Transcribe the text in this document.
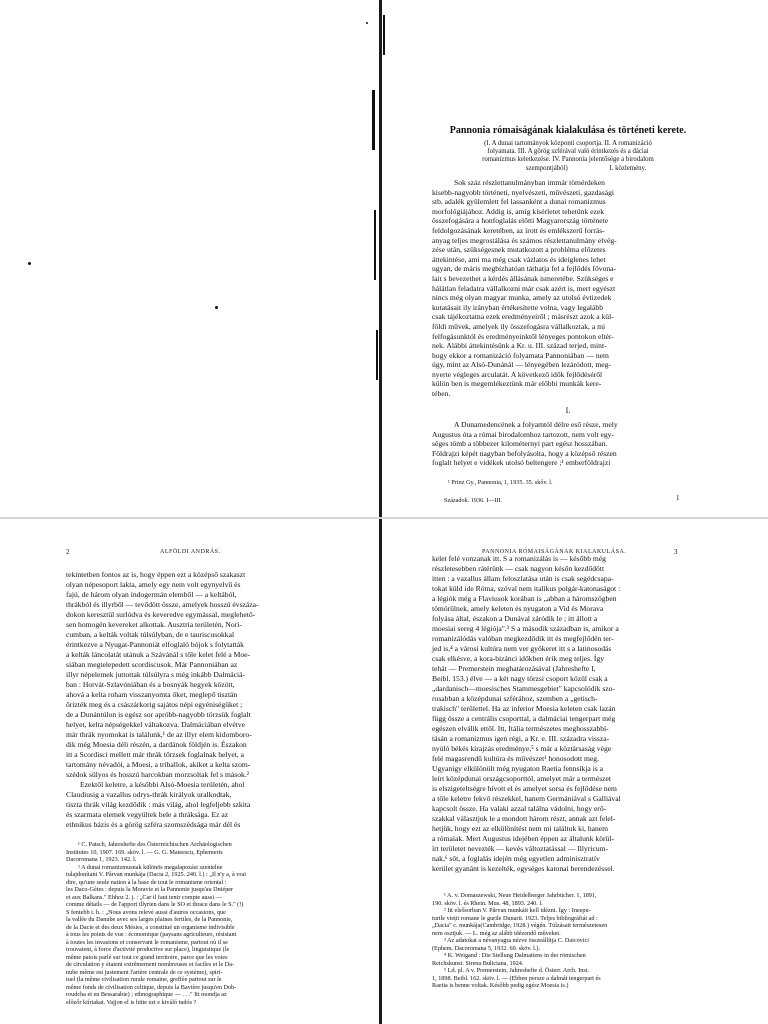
Pannonia rómaiságának kialakulása és történeti kerete.
(I. A dunai tartományok központi csoportja. II. A romanizáció
folyamata. III. A görög szférával való érintkezés és a dáciai
romanizmus keletkezése. IV. Pannonia jelentősége a birodalom
szempontjából)	I. közlemény.
Sok száz részlettanulmányban immár tömérdeken
kisebb-nagyobb történeti, nyelvészeti, művészeti, gazdasági
stb. adalék gyülemlett fel lassanként a dunai romanizmus
morfológiájához. Addig is, amíg kísérletet tehetünk ezek
összefogására a honfoglalás előtti Magyarország története
feldolgozásának keretében, az írott és emlékszerű forrás-
anyag teljes megrostálása és számos részlettanulmány elvég-
zése után, szükségesnek mutatkozott a probléma előzetes
áttekintése, ami ma még csak vázlatos és ideiglenes lehet
ugyan, de máris megbízhatóan tárhatja fel a fejlődés fővona-
lait s bevezethet a kérdés állásának ismeretébe. Szükséges e
hálátlan feladatra vállalkozni már csak azért is, mert egyészt
nincs még olyan magyar munka, amely az utolsó évtizedek
kutatásait ily irányban értékesítette volna, vagy legalább
csak tájékoztatna ezek eredményeiről ; másrészt azok a kül-
földi művek, amelyek ily összefogásra vállalkoztak, a mi
felfogásunktól és eredményeinktől lényeges pontokon eltér-
nek. Alábbi áttekintésünk a Kr. u. III. század terjed, mint-
hogy ekkor a romanizáció folyamata Pannoniában — nem
úgy, mint az Alsó-Dunánál — lényegében lezáródott, meg-
nyerte végleges arculatát. A következő idők fejlődéséről
külön ben is megemlékeztünk már előbbi munkák kere-
tében.
I.
A Dunamedencének a folyamtól délre eső része, mely
Augustus óta a római birodalomhoz tartozott, nem volt egy-
séges tömb a többezer kilométernyi part egész hosszában.
Földrajzi képét nagyban befolyásolta, hogy a középső részen
foglalt helyet e vidékek utolsó beltengere ;¹ emberföldrajzi
¹ Prinz Gy., Pannonia, 1, 1935. 35. skőv. l.
Századok. 1936. I—III.	1
2	ALFÖLDI ANDRÁS.
tekintetben fontos az is, hogy éppen ezt a középső szakaszt
olyan népesoport lakta, amely egy nem volt egynyelvű és
fajú, de három olyan indogermán elemből — a keltából,
thrákból és illyrből — tevődött össze, amelyek hosszú évszáza-
dokon keresztül surlódva és keveredve egymással, meglehető-
sen homogén kevereket alkottak. Ausztria területén, Nori-
cumban, a kelták voltak túlsúlyban, de e tauriscusokkal
érintkezve a Nyugat-Pannoniát elfoglaló bójok s folytatták
a kelták láncolatát utánuk a Szávánál s tőle kelet felé a Moe-
siában megtelepedett scordiscusok. Már Pannoniában az
illyr népelemek juttottak túlsúlyra s még inkább Dalmáciá-
ban : Horvát-Szlavóniában és a bosnyák hegyek között,
ahová a kelta roham visszanyomta őket, meglepő tisztán
őrizték meg és a császárkorig sajátos népi egyéniségüket ;
de a Dunántúlon is egész sor apróbb-nagyobb törzsük foglalt
helyet, kelta népségekkel váltakozva. Dalmáciában elvétve
már thrák nyomokat is találunk,¹ de az illyr elem kidomboro-
dik még Moesia déli részén, a dardánok földjén is. Északon
itt a Scordisci mellett már thrák törzsek foglalnak helyet, a
tartomány névadói, a Moesi, a triballok, akiket a kelta szom-
szédok sülyos és hosszú harcokban morzsoltak fel s mások.²
Ezektől keletre, a későbbi Alsó-Moesia területén, ahol
Claudiusig a vazallus odrys-thrák királyok uralkodtak,
tiszta thrák világ kezdődik : más világ, ahol legfeljebb szkita
és szarmata elemek vegyültek bele a thráksága. Ez az
ethnikus bázis és a görög szféra szomszédsága már dél és
¹ C. Patsch, Jahreshefte des Österreichischen Archäologischen
Institutes 10, 1907. 169. sköv. l. — G. G. Mateescu, Ephemeris
Dacoromana 1, 1923. 142. l.
² A dunai romanizmusnak különös megalapozást szentelne
tulajdonítani V. Pârvan munkája (Dacia 2, 1925. 240. l.) : „Il n'y a, à vrai
dire, qu'une seule nation à la base de tout le romanisme oriental :
les Daco-Gètes : depuis la Moravie et la Pannonie jusqu'au Dniéper
et aux Balkans." Ehhoz 2. j. : „Car il faut tenir compte aussi —
comme détails — de l'apport illyrien dans le SO et thrace dans le S." (!)
S fentebb i. h. : „Nous avons relevé aussi d'autres occasions, que
la vallée du Danube avec ses larges plaines fertiles, de la Pannonie,
de la Dacie et des deux Mésies, a constitué un organisme indivisible
à tous les points de vue : économique (paysans agriculteurs, résistant
à toutes les invasions et conservant le romanisme, partout où il se
trouvaient, à force d'activité productive sur place), linguistique (le
même patois parlé sur tout ce grand territoire, parce que les voies
de circulation y étaient extrêmement nombreuses et faciles et le Da-
nube même est justement l'artère centrale de ce système), spiri-
tuel (la même civilisation rurale romaine, greffée partout sur le
même fonds de civilisation celtique, depuis la Bavière jusqu'en Dob-
roudcha et en Bessarabie) ; ethnographique — . . ." Itt mondja az
előzőr kiírtakat. Vajjon el is hitte ezt e kiváló tudós ?
PANNONIA RÓMAISÁGÁNAK KIALAKULÁSA.	3
kelet felé vonzanak itt. S a romanizálás is — később még
részletesebben rátérünk — csak nagyon későn kezdődött
itten : a vazallus állam feloszlatása után is csak segédcsapa-
tokat küld ide Róma, szóval nem italikus polgár-katonaságot :
a légiók még a Flaviusok korában is „abban a háromszögben
tömörülnek, amely keleten és nyugaton a Vid és Morava
folyása által, északon a Dunával záródik le ; itt állott a
moesiai sereg 4 légiója".³ S a második században is, amikor a
romanizálódás valóban megkezdődik itt és megfejlődén ter-
jed is,⁴ a városi kultúra nem ver gyökeret itt s a latinosodás
csak elkésve, a kora-bizánci időkben érik meg teljes. Így
tehát — Premerstein meghatározásával (Jahreshefte I,
Beibl. 153.) élve — a két nagy törzsi csoport közül csak a
„dardanisch—moesisches Stammesgebiet" kapcsolódik szo-
rosabban a középdunai szférához, szemben a „getisch-
trakisch" területtel. Ha az inferior Moesia keleten csak lazán
függ össze a centrális csoporttal, a dalmáciai tengerpart még
egészen elválik ettől. Itt, Itália természetes meghosszabbí-
tásán a romanizmus igen régi, a Kr. e. III. századra vissza-
nyúló békés kirajzás eredménye,⁵ s már a köztársaság vége
felé magasrendű kultúra és művészet¹ honosodott meg.
Ugyanígy elkülönült még nyugaton Raetia fennsíkja is a
leírt középdunai országcsoporttól, amelyet már a természet
is elszigeteltségre hívott el és amelyet sorsa és fejlődése nem
a tőle keletre fekvő részekkel, hanem Germániával s Galliával
kapcsolt össze. Ha valaki azzal találna vádolni, hogy erő-
szakkal választjuk le a mondott három részt, annak azt felel-
hetjük, hogy ezt az elkülönítést nem mi találtuk ki, hanem
a rómaiak. Mert Augustus idejében éppen az általunk körül-
írt területet nevezték — kevés változtatással — Illyricum-
nak,⁶ sőt, a foglalás idején még egyetlen adminisztratív
kerület gyanánt is kezelték, egységes katonai berendezéssel.
¹ A. v. Domaszewski, Neue Heidelberger Jahrbücher. 1, 1891,
190. sköv. l. és Rhein. Mus. 48, 1893. 240. l.
² Itt elsősorban V. Pârvan munkáit kell idézni. Így : Ineepu-
turile vieții romane le gurile Dunarii. 1923. Teljes bibliográfiát ad :
„Dacia" c. munkája(Cambridge, 1928.) végén. Túlzásait természetesen
nem osztjuk. — L. még az alább idézendő műveket.
³ Az adatokat a névanyagra nézve összeállítja C. Daicovici
(Ephem. Dacoromana 5, 1932. 60. sköv. l.).
⁴ K. Weigand : Die Stellung Dalmatiens in der römischen
Reichskunst. Strena Buliciana, 1924.
⁵ Ld. pl. A v. Premerstein, Jahreshefte d. Österr. Arch. Inst.
1, 1898. Beibl. 162. sköv. l. — (Ebben persze a dalmát tengerpart és
Raetia is benne voltak. Később pedig egész Moesia is.)
